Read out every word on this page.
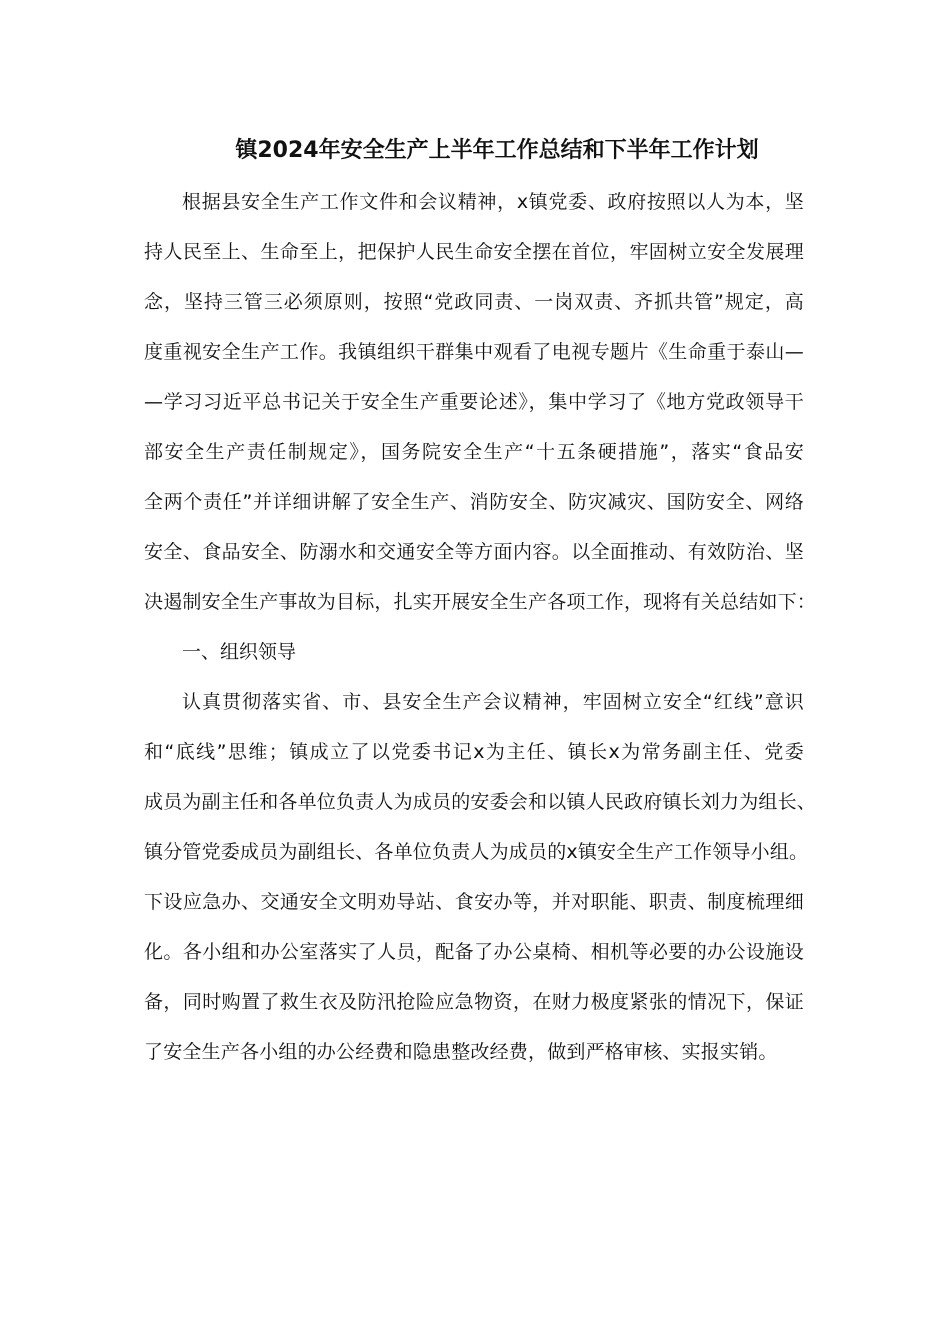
镇2024年安全生产上半年工作总结和下半年工作计划
根据县安全生产工作文件和会议精神，x镇党委、政府按照以人为本，坚
持人民至上、生命至上，把保护人民生命安全摆在首位，牢固树立安全发展理
念，坚持三管三必须原则，按照“党政同责、一岗双责、齐抓共管”规定，高
度重视安全生产工作。我镇组织干群集中观看了电视专题片《生命重于泰山—
—学习习近平总书记关于安全生产重要论述》，集中学习了《地方党政领导干
部安全生产责任制规定》，国务院安全生产“十五条硬措施”，落实“食品安
全两个责任”并详细讲解了安全生产、消防安全、防灾减灾、国防安全、网络
安全、食品安全、防溺水和交通安全等方面内容。以全面推动、有效防治、坚
决遏制安全生产事故为目标，扎实开展安全生产各项工作，现将有关总结如下：
一、组织领导
认真贯彻落实省、市、县安全生产会议精神，牢固树立安全“红线”意识
和“底线”思维；镇成立了以党委书记x为主任、镇长x为常务副主任、党委
成员为副主任和各单位负责人为成员的安委会和以镇人民政府镇长刘力为组长、
镇分管党委成员为副组长、各单位负责人为成员的x镇安全生产工作领导小组。
下设应急办、交通安全文明劝导站、食安办等，并对职能、职责、制度梳理细
化。各小组和办公室落实了人员，配备了办公桌椅、相机等必要的办公设施设
备，同时购置了救生衣及防汛抢险应急物资，在财力极度紧张的情况下，保证
了安全生产各小组的办公经费和隐患整改经费，做到严格审核、实报实销。
